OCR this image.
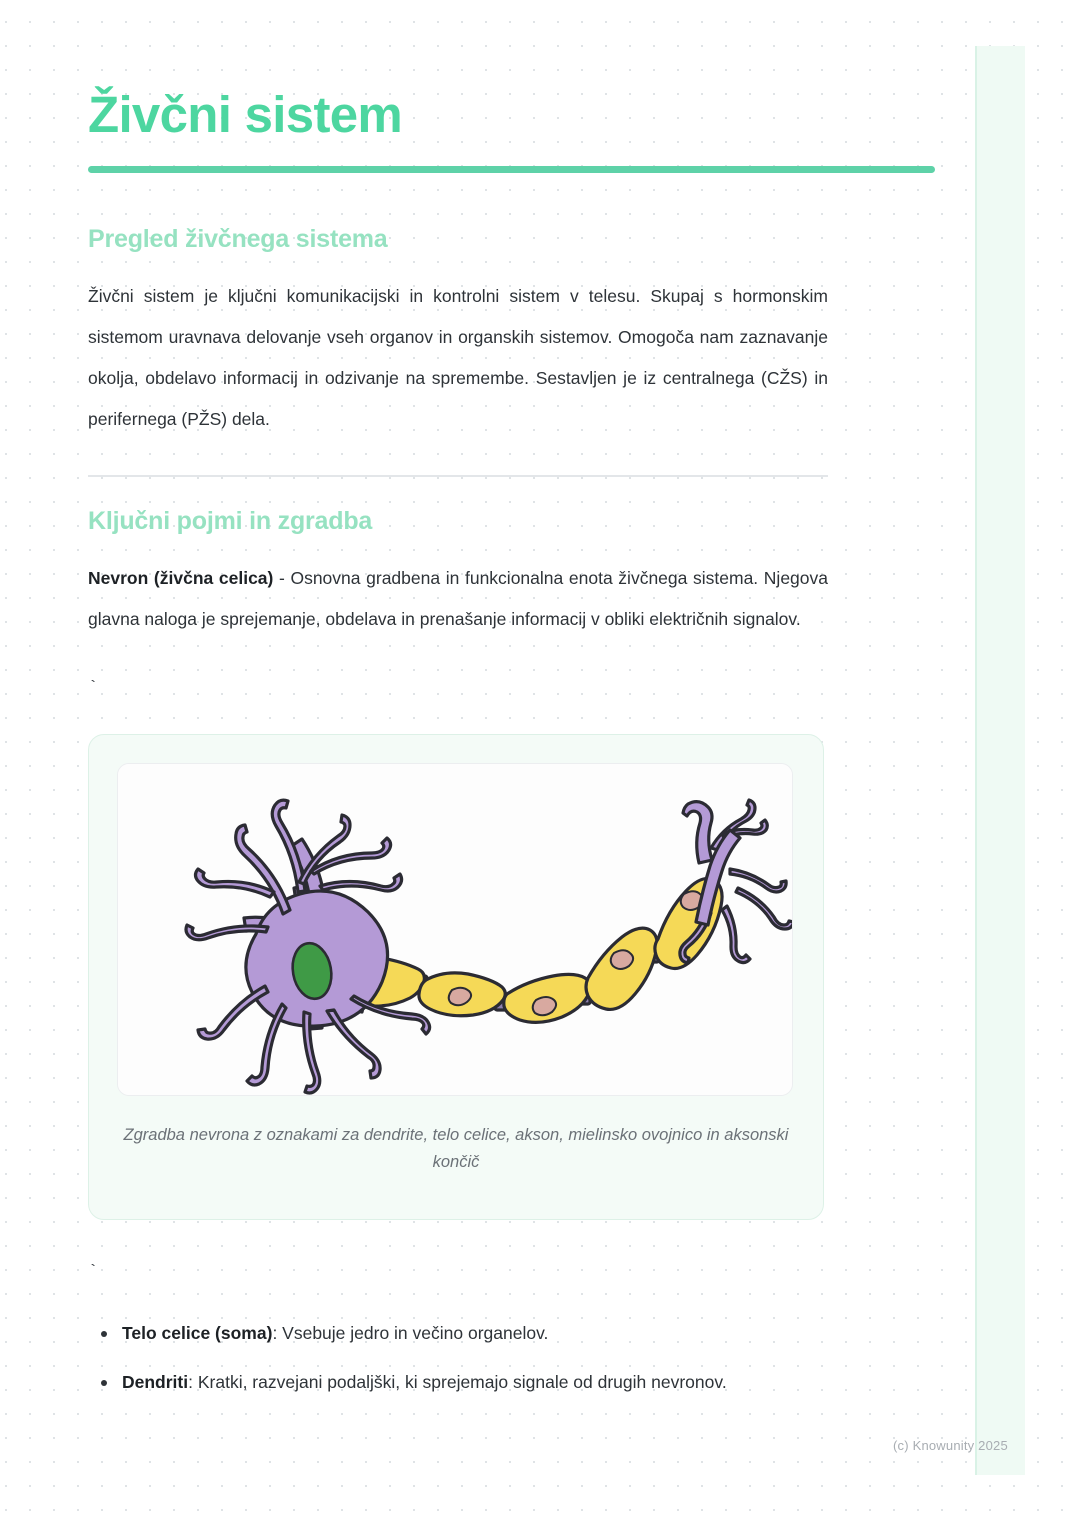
Živčni sistem
Pregled živčnega sistema

Živčni sistem je ključni komunikacijski in kontrolni sistem v telesu. Skupaj s hormonskim sistemom uravnava delovanje vseh organov in organskih sistemov. Omogoča nam zaznavanje okolja, obdelavo informacij in odzivanje na spremembe. Sestavljen je iz centralnega (CŽS) in perifernega (PŽS) dela.

Ključni pojmi in zgradba

Nevron (živčna celica) - Osnovna gradbena in funkcionalna enota živčnega sistema. Njegova glavna naloga je sprejemanje, obdelava in prenašanje informacij v obliki električnih signalov.

`

Zgradba nevrona z oznakami za dendrite, telo celice, akson, mielinsko ovojnico in aksonski končič

`
Telo celice (soma): Vsebuje jedro in večino organelov.
Dendriti: Kratki, razvejani podaljški, ki sprejemajo signale od drugih nevronov.
(c) Knowunity 2025
